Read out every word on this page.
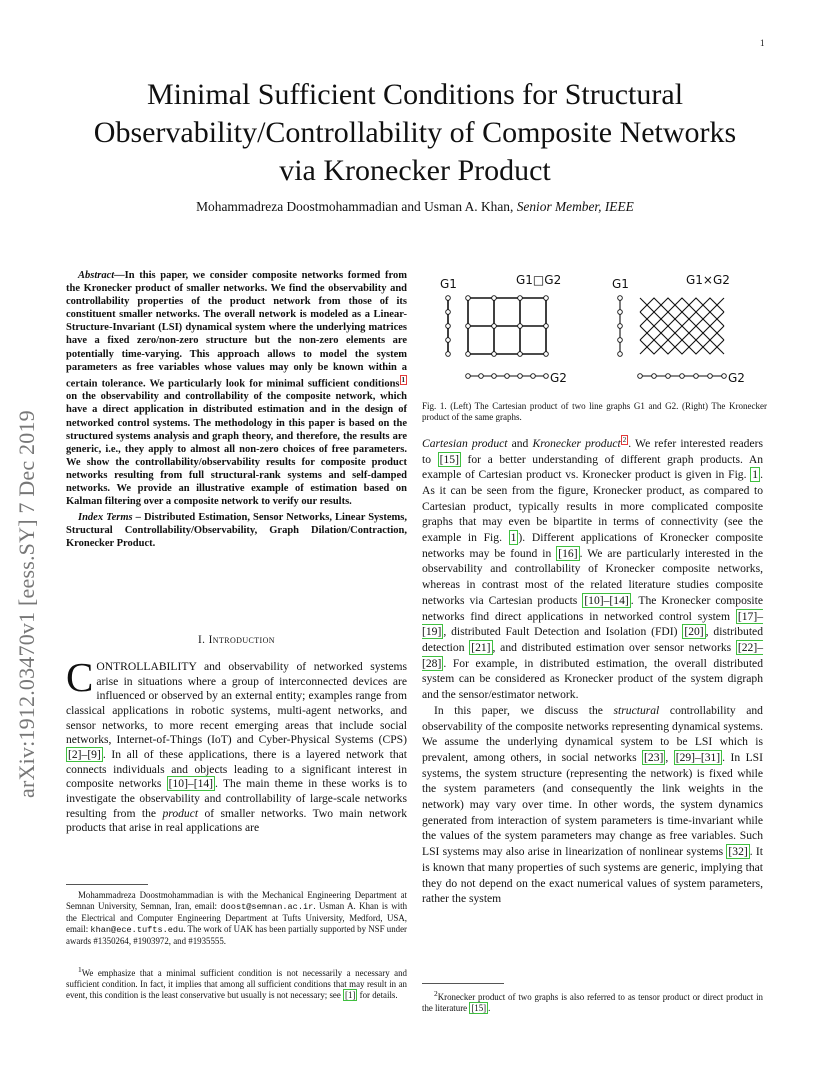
1
arXiv:1912.03470v1 [eess.SY] 7 Dec 2019
Minimal Sufficient Conditions for Structural Observability/Controllability of Composite Networks via Kronecker Product
Mohammadreza Doostmohammadian and Usman A. Khan, Senior Member, IEEE

Abstract—In this paper, we consider composite networks formed from the Kronecker product of smaller networks. We find the observability and controllability properties of the product network from those of its constituent smaller networks. The overall network is modeled as a Linear-Structure-Invariant (LSI) dynamical system where the underlying matrices have a fixed zero/non-zero structure but the non-zero elements are potentially time-varying. This approach allows to model the system parameters as free variables whose values may only be known within a certain tolerance. We particularly look for minimal sufficient conditions $^1$ on the observability and controllability of the composite network, which have a direct application in distributed estimation and in the design of networked control systems. The methodology in this paper is based on the structured systems analysis and graph theory, and therefore, the results are generic, i.e., they apply to almost all non-zero choices of free parameters. We show the controllability/observability results for composite product networks resulting from full structural-rank systems and self-damped networks. We provide an illustrative example of estimation based on Kalman filtering over a composite network to verify our results.

Index Terms – Distributed Estimation, Sensor Networks, Linear Systems, Structural Controllability/Observability, Graph Dilation/Contraction, Kronecker Product.

I. Introduction
CONTROLLABILITY and observability of networked systems arise in situations where a group of interconnected devices are influenced or observed by an external entity; examples range from classical applications in robotic systems, multi-agent networks, and sensor networks, to more recent emerging areas that include social networks, Internet-of-Things (IoT) and Cyber-Physical Systems (CPS) [2]–[9] . In all of these applications, there is a layered network that connects individuals and objects leading to a significant interest in composite networks [10]–[14] . The main theme in these works is to investigate the observability and controllability of large-scale networks resulting from the product of smaller networks. Two main network products that arise in real applications are
Mohammadreza Doostmohammadian is with the Mechanical Engineering Department at Semnan University, Semnan, Iran, email: doost@semnan.ac.ir. Usman A. Khan is with the Electrical and Computer Engineering Department at Tufts University, Medford, USA, email: khan@ece.tufts.edu. The work of UAK has been partially supported by NSF under awards #1350264, #1903972, and #1935555.
$^1$We emphasize that a minimal sufficient condition is not necessarily a necessary and sufficient condition. In fact, it implies that among all sufficient conditions that may result in an event, this condition is the least conservative but usually is not necessary; see [1] for details.
G1	G1□G2	G1	G1×G2
G2	G2
Fig. 1. (Left) The Cartesian product of two line graphs G1 and G2. (Right) The Kronecker product of the same graphs.

Cartesian product and Kronecker product $^2$ . We refer interested readers to [15] for a better understanding of different graph products. An example of Cartesian product vs. Kronecker product is given in Fig. 1 . As it can be seen from the figure, Kronecker product, as compared to Cartesian product, typically results in more complicated composite graphs that may even be bipartite in terms of connectivity (see the example in Fig. 1 ). Different applications of Kronecker composite networks may be found in [16] . We are particularly interested in the observability and controllability of Kronecker composite networks, whereas in contrast most of the related literature studies composite networks via Cartesian products [10]–[14] . The Kronecker composite networks find direct applications in networked control system [17]–[19] , distributed Fault Detection and Isolation (FDI) [20] , distributed detection [21] , and distributed estimation over sensor networks [22]–[28] . For example, in distributed estimation, the overall distributed system can be considered as Kronecker product of the system digraph and the sensor/estimator network.

In this paper, we discuss the structural controllability and observability of the composite networks representing dynamical systems. We assume the underlying dynamical system to be LSI which is prevalent, among others, in social networks [23] , [29]–[31] . In LSI systems, the system structure (representing the network) is fixed while the system parameters (and consequently the link weights in the network) may vary over time. In other words, the system dynamics generated from interaction of system parameters is time-invariant while the values of the system parameters may change as free variables. Such LSI systems may also arise in linearization of nonlinear systems [32] . It is known that many properties of such systems are generic, implying that they do not depend on the exact numerical values of system parameters, rather the system

$^2$Kronecker product of two graphs is also referred to as tensor product or direct product in the literature [15] .
